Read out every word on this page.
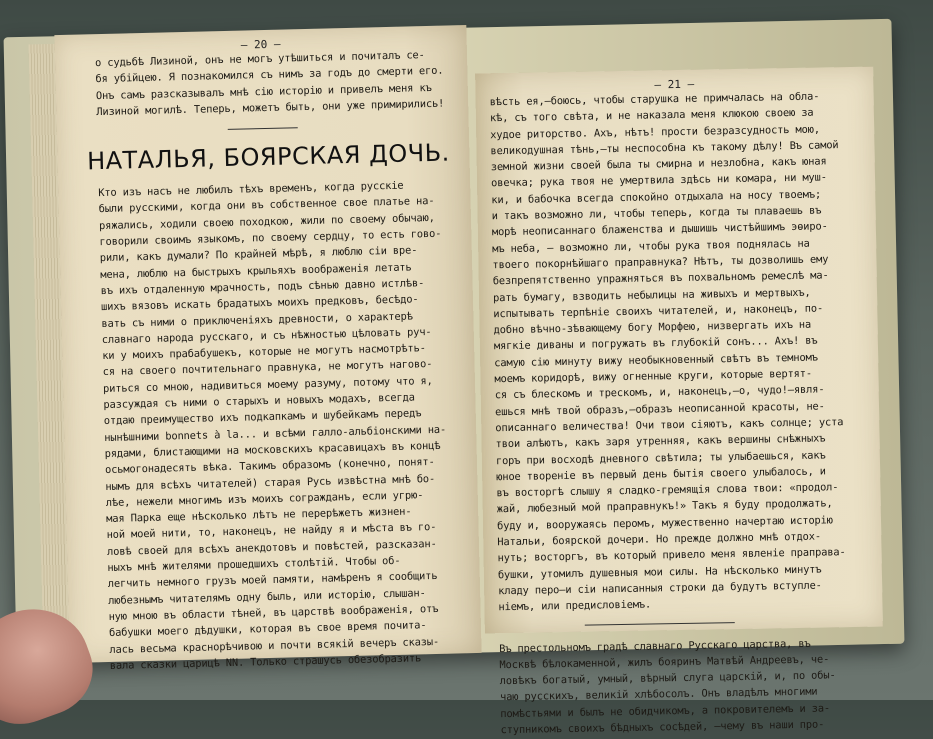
— 20 —
о судьбѣ Лизиной, онъ не могъ утѣшиться и почиталъ се-
бя убійцею. Я познакомился съ нимъ за годъ до смерти его.
Онъ самъ разсказывалъ мнѣ сію исторію и привелъ меня къ
Лизиной могилѣ. Теперь, можетъ быть, они уже примирились!
НАТАЛЬЯ, БОЯРСКАЯ ДОЧЬ.
Кто изъ насъ не любилъ тѣхъ временъ, когда русскіе
были русскими, когда они въ собственное свое платье на-
ряжались, ходили своею походкою, жили по своему обычаю,
говорили своимъ языкомъ, по своему сердцу, то есть гово-
рили, какъ думали? По крайней мѣрѣ, я люблю сіи вре-
мена, люблю на быстрыхъ крыльяхъ воображенія летать
въ ихъ отдаленную мрачность, подъ сѣнью давно истлѣв-
шихъ вязовъ искать брадатыхъ моихъ предковъ, бесѣдо-
вать съ ними о приключеніяхъ древности, о характерѣ
славнаго народа русскаго, и съ нѣжностью цѣловать руч-
ки у моихъ прабабушекъ, которые не могутъ насмотрѣть-
ся на своего почтительнаго правнука, не могутъ нагово-
риться со мною, надивиться моему разуму, потому что я,
разсуждая съ ними о старыхъ и новыхъ модахъ, всегда
отдаю преимущество ихъ подкапкамъ и шубейкамъ передъ
нынѣшними bonnets à la... и всѣми галло-альбіонскими на-
рядами, блистающими на московскихъ красавицахъ въ концѣ
осьмогонадесять вѣка. Такимъ образомъ (конечно, понят-
нымъ для всѣхъ читателей) старая Русь извѣстна мнѣ бо-
лѣе, нежели многимъ изъ моихъ согражданъ, если угрю-
мая Парка еще нѣсколько лѣтъ не перерѣжетъ жизнен-
ной моей нити, то, наконецъ, не найду я и мѣста въ го-
ловѣ своей для всѣхъ анекдотовъ и повѣстей, разсказан-
ныхъ мнѣ жителями прошедшихъ столѣтій. Чтобы об-
легчить немного грузъ моей памяти, намѣренъ я сообщить
любезнымъ читателямъ одну быль, или исторію, слышан-
ную мною въ области тѣней, въ царствѣ воображенія, отъ
бабушки моего дѣдушки, которая въ свое время почита-
лась весьма краснорѣчивою и почти всякій вечеръ сказы-
вала сказки царицѣ NN. Только страшусь обезобразить
— 21 —
вѣсть ея,—боюсь, чтобы старушка не примчалась на обла-
кѣ, съ того свѣта, и не наказала меня клюкою своею за
худое риторство. Ахъ, нѣтъ! прости безразсудность мою,
великодушная тѣнь,—ты неспособна къ такому дѣлу! Въ самой
земной жизни своей была ты смирна и незлобна, какъ юная
овечка; рука твоя не умертвила здѣсь ни комара, ни муш-
ки, и бабочка всегда спокойно отдыхала на носу твоемъ;
и такъ возможно ли, чтобы теперь, когда ты плаваешь въ
морѣ неописаннаго блаженства и дышишь чистѣйшимъ эѳиро-
мъ неба, — возможно ли, чтобы рука твоя поднялась на
твоего покорнѣйшаго праправнука? Нѣтъ, ты дозволишь ему
безпрепятственно упражняться въ похвальномъ ремеслѣ ма-
рать бумагу, взводить небылицы на живыхъ и мертвыхъ,
испытывать терпѣніе своихъ читателей, и, наконецъ, по-
добно вѣчно-зѣвающему богу Морфею, низвергать ихъ на
мягкіе диваны и погружать въ глубокій сонъ... Ахъ! въ
самую сію минуту вижу необыкновенный свѣтъ въ темномъ
моемъ коридорѣ, вижу огненные круги, которые вертят-
ся съ блескомъ и трескомъ, и, наконецъ,—о, чудо!—явля-
ешься мнѣ твой образъ,—образъ неописанной красоты, не-
описаннаго величества! Очи твои сіяютъ, какъ солнце; уста
твои алѣютъ, какъ заря утренняя, какъ вершины снѣжныхъ
горъ при восходѣ дневного свѣтила; ты улыбаешься, какъ
юное твореніе въ первый день бытія своего улыбалось, и
въ восторгѣ слышу я сладко-гремящія слова твои: «продол-
жай, любезный мой праправнукъ!» Такъ я буду продолжать,
буду и, вооружаясь перомъ, мужественно начертаю исторію
Натальи, боярской дочери. Но прежде должно мнѣ отдох-
нуть; восторгъ, въ который привело меня явленіе праправа-
бушки, утомилъ душевныя мои силы. На нѣсколько минутъ
кладу перо—и сіи написанныя строки да будутъ вступле-
ніемъ, или предисловіемъ.
Въ престольномъ градѣ славнаго Русскаго царства, въ
Москвѣ бѣлокаменной, жилъ бояринъ Матвѣй Андреевъ, че-
ловѣкъ богатый, умный, вѣрный слуга царскій, и, по обы-
чаю русскихъ, великій хлѣбосолъ. Онъ владѣлъ многими
помѣстьями и былъ не обидчикомъ, а покровителемъ и за-
ступникомъ своихъ бѣдныхъ сосѣдей, —чему въ наши про-
